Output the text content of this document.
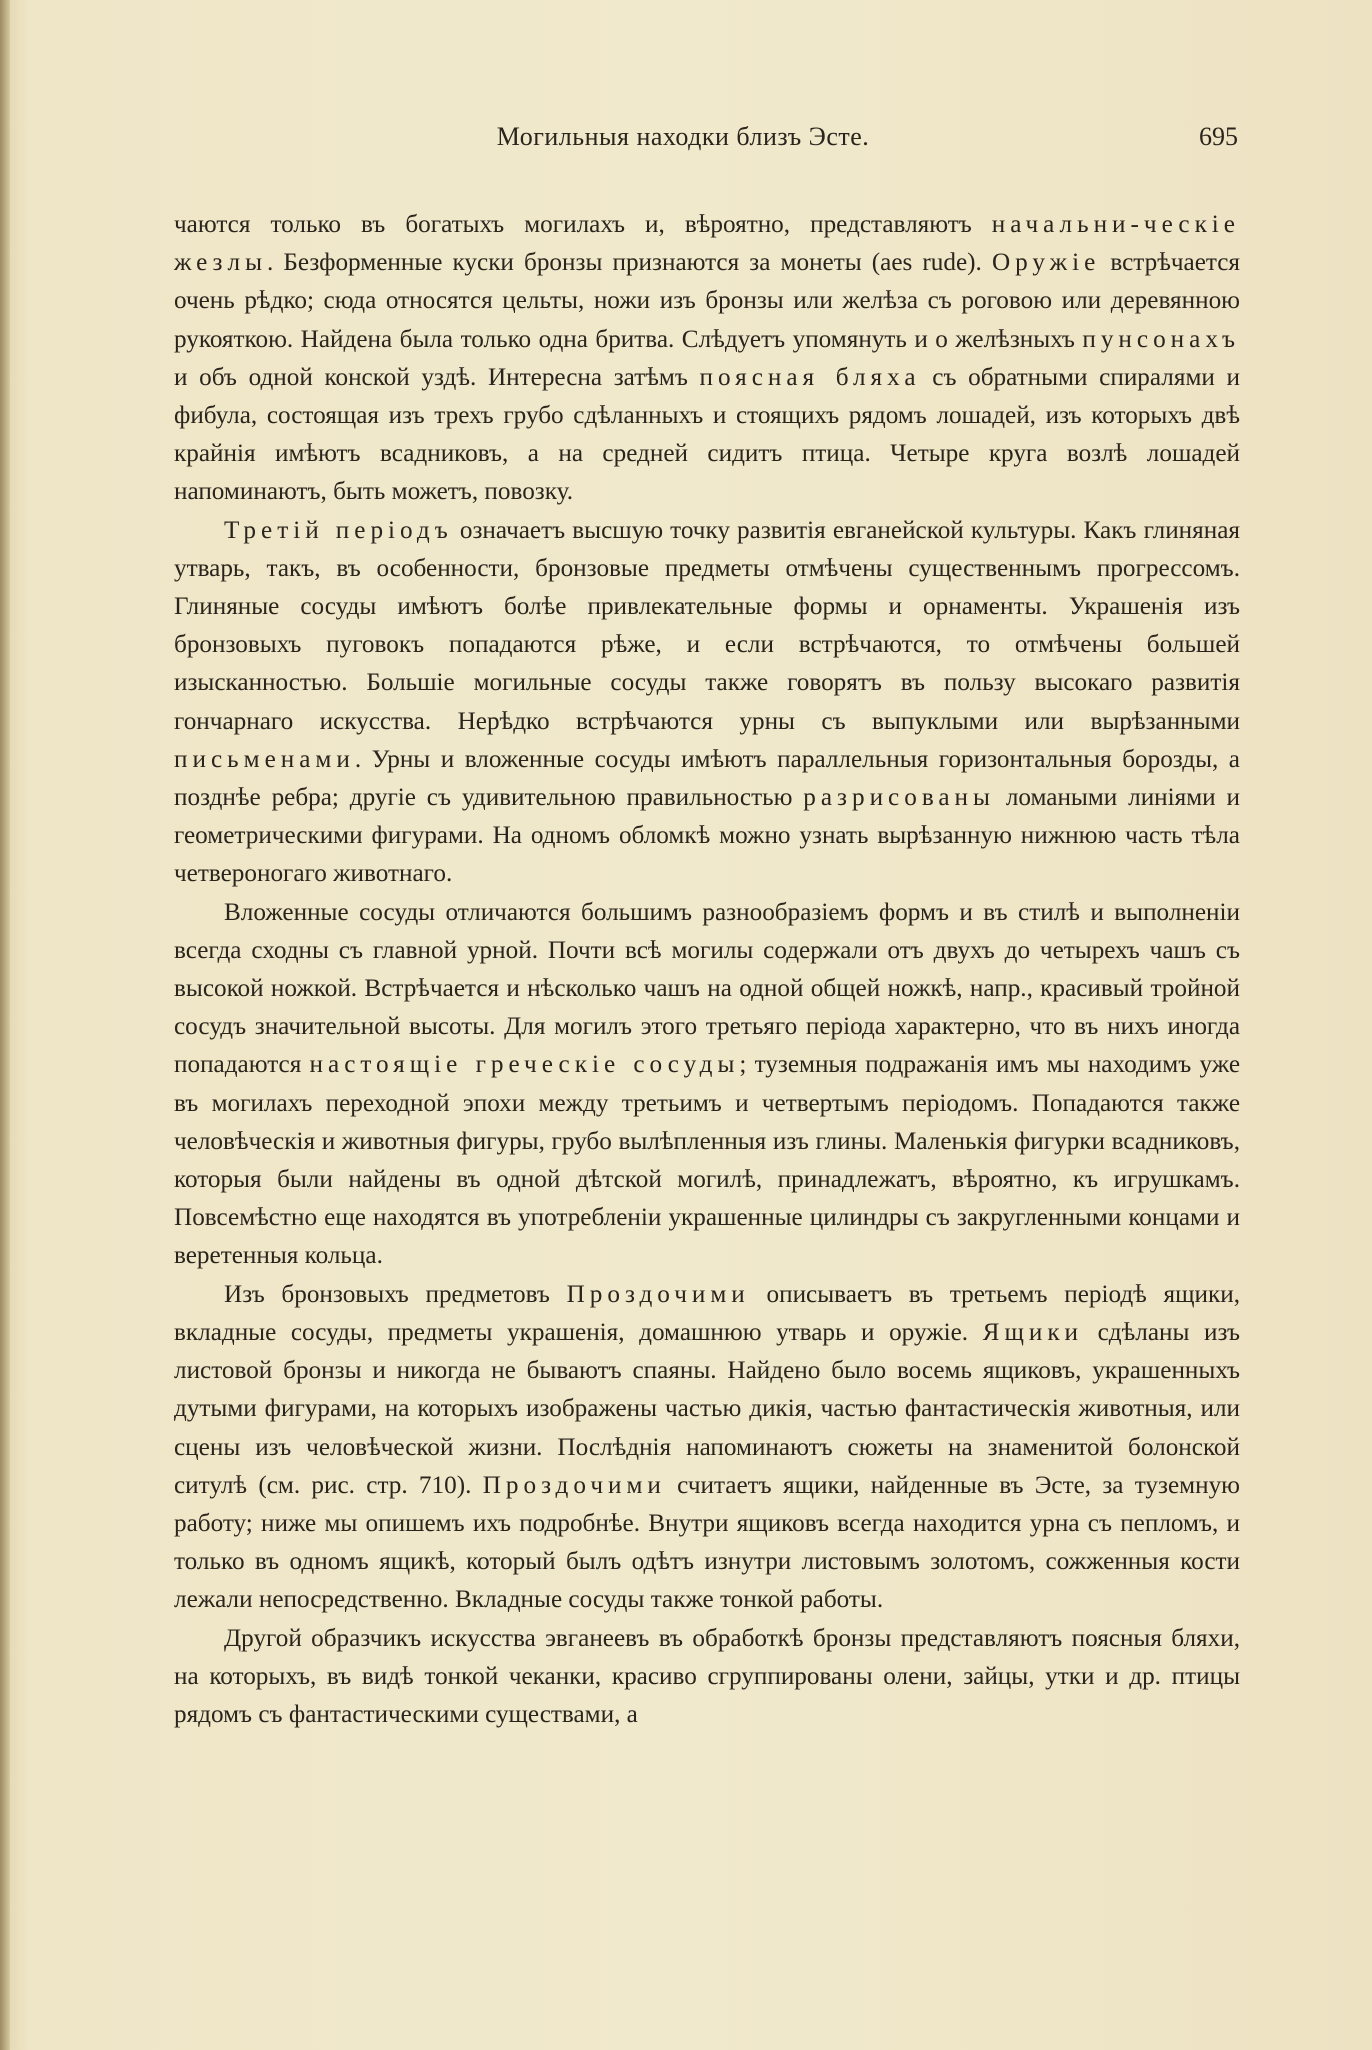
Могильныя находки близъ Эсте.	695

чаются только въ богатыхъ могилахъ и, вѣроятно, представляютъ начальни-ческіе жезлы. Безформенные куски бронзы признаются за монеты (aes rude). Оружіе встрѣчается очень рѣдко; сюда относятся цельты, ножи изъ бронзы или желѣза съ роговою или деревянною рукояткою. Найдена была только одна бритва. Слѣдуетъ упомянуть и о желѣзныхъ пунсонахъ и объ одной конской уздѣ. Интересна затѣмъ поясная бляха съ обратными спиралями и фибула, состоящая изъ трехъ грубо сдѣланныхъ и стоящихъ рядомъ лошадей, изъ которыхъ двѣ крайнія имѣютъ всадниковъ, а на средней сидитъ птица. Четыре круга возлѣ лошадей напоминаютъ, быть можетъ, повозку.

Третій періодъ означаетъ высшую точку развитія евганейской культуры. Какъ глиняная утварь, такъ, въ особенности, бронзовые предметы отмѣчены существеннымъ прогрессомъ. Глиняные сосуды имѣютъ болѣе привлекательные формы и орнаменты. Украшенія изъ бронзовыхъ пуговокъ попадаются рѣже, и если встрѣчаются, то отмѣчены большей изысканностью. Большіе могильные сосуды также говорятъ въ пользу высокаго развитія гончарнаго искусства. Нерѣдко встрѣчаются урны съ выпуклыми или вырѣзанными письменами. Урны и вложенные сосуды имѣютъ параллельныя горизонтальныя борозды, а позднѣе ребра; другіе съ удивительною правильностью разрисованы ломаными линіями и геометрическими фигурами. На одномъ обломкѣ можно узнать вырѣзанную нижнюю часть тѣла четвероногаго животнаго.

Вложенные сосуды отличаются большимъ разнообразіемъ формъ и въ стилѣ и выполненіи всегда сходны съ главной урной. Почти всѣ могилы содержали отъ двухъ до четырехъ чашъ съ высокой ножкой. Встрѣчается и нѣсколько чашъ на одной общей ножкѣ, напр., красивый тройной сосудъ значительной высоты. Для могилъ этого третьяго періода характерно, что въ нихъ иногда попадаются настоящіе греческіе сосуды; туземныя подражанія имъ мы находимъ уже въ могилахъ переходной эпохи между третьимъ и четвертымъ періодомъ. Попадаются также человѣческія и животныя фигуры, грубо вылѣпленныя изъ глины. Маленькія фигурки всадниковъ, которыя были найдены въ одной дѣтской могилѣ, принадлежатъ, вѣроятно, къ игрушкамъ. Повсемѣстно еще находятся въ употребленіи украшенные цилиндры съ закругленными концами и веретенныя кольца.

Изъ бронзовыхъ предметовъ Проздочими описываетъ въ третьемъ періодѣ ящики, вкладные сосуды, предметы украшенія, домашнюю утварь и оружіе. Ящики сдѣланы изъ листовой бронзы и никогда не бываютъ спаяны. Найдено было восемь ящиковъ, украшенныхъ дутыми фигурами, на которыхъ изображены частью дикія, частью фантастическія животныя, или сцены изъ человѣческой жизни. Послѣднія напоминаютъ сюжеты на знаменитой болонской ситулѣ (см. рис. стр. 710). Проздочими считаетъ ящики, найденные въ Эсте, за туземную работу; ниже мы опишемъ ихъ подробнѣе. Внутри ящиковъ всегда находится урна съ пепломъ, и только въ одномъ ящикѣ, который былъ одѣтъ изнутри листовымъ золотомъ, сожженныя кости лежали непосредственно. Вкладные сосуды также тонкой работы.

Другой образчикъ искусства эвганеевъ въ обработкѣ бронзы представляютъ поясныя бляхи, на которыхъ, въ видѣ тонкой чеканки, красиво сгруппированы олени, зайцы, утки и др. птицы рядомъ съ фантастическими существами, а
